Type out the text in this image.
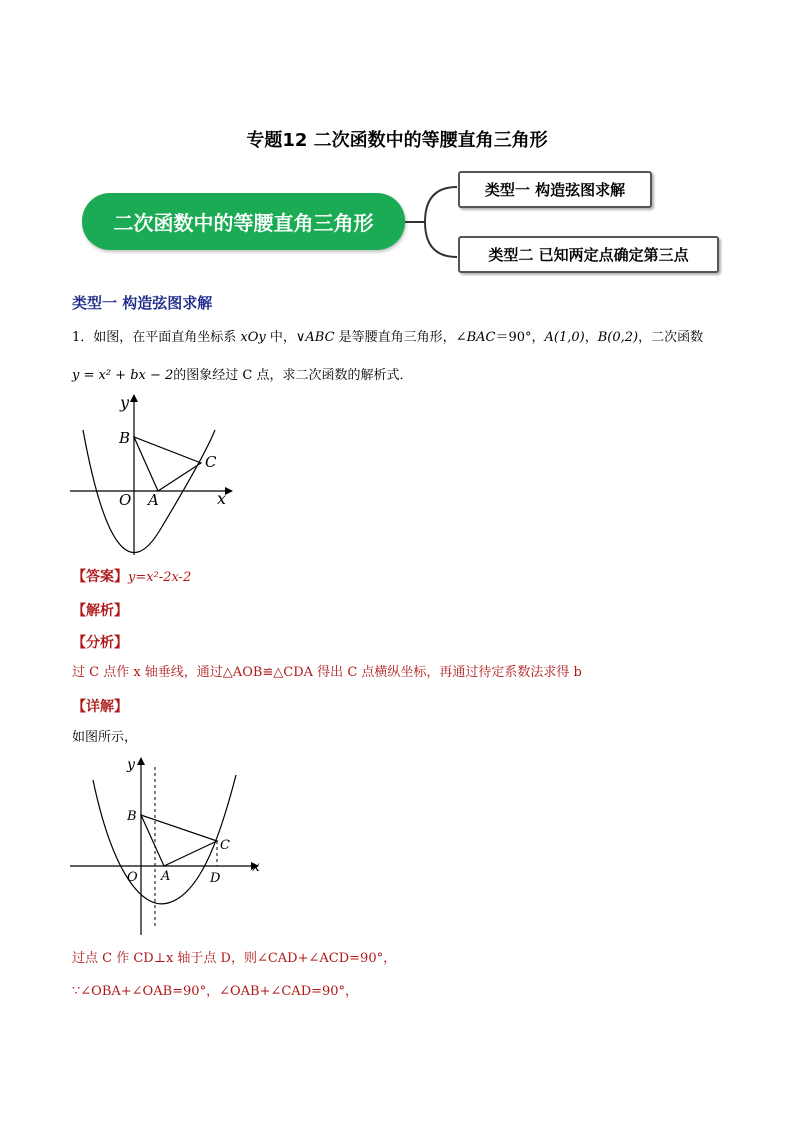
专题12 二次函数中的等腰直角三角形
二次函数中的等腰直角三角形
类型一 构造弦图求解
类型二 已知两定点确定第三点
类型一 构造弦图求解
1．如图，在平面直角坐标系 xOy 中，∨ABC 是等腰直角三角形，∠BAC＝90°，A(1,0)，B(0,2)，二次函数
y = x² + bx − 2的图象经过 C 点，求二次函数的解析式．
y
x
B
C
O A
【答案】y=x²-2x-2
【解析】
【分析】
过 C 点作 x 轴垂线，通过△AOB≌△CDA 得出 C 点横纵坐标，再通过待定系数法求得 b
【详解】
如图所示，
y
x
B
C
O A	D
过点 C 作 CD⊥x 轴于点 D，则∠CAD+∠ACD=90°，
∵∠OBA+∠OAB=90°，∠OAB+∠CAD=90°，
